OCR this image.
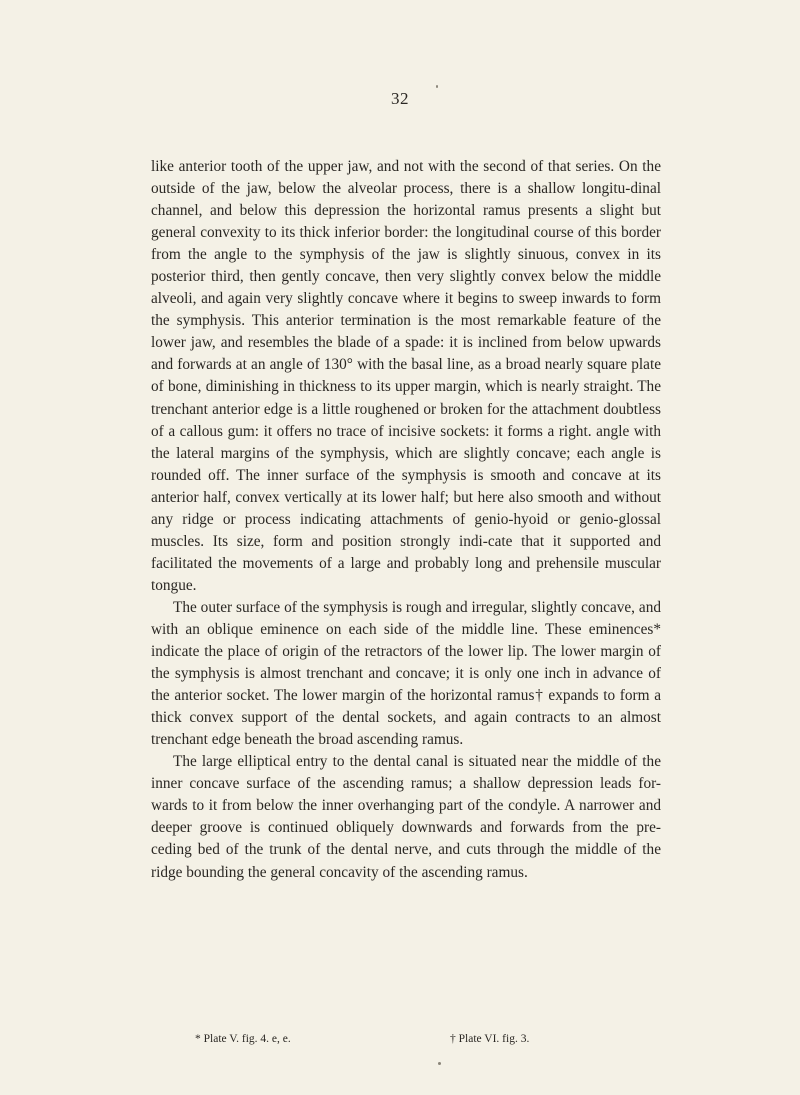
32

like anterior tooth of the upper jaw, and not with the second of that series. On the outside of the jaw, below the alveolar process, there is a shallow longitu-dinal channel, and below this depression the horizontal ramus presents a slight but general convexity to its thick inferior border: the longitudinal course of this border from the angle to the symphysis of the jaw is slightly sinuous, convex in its posterior third, then gently concave, then very slightly convex below the middle alveoli, and again very slightly concave where it begins to sweep inwards to form the symphysis. This anterior termination is the most remarkable feature of the lower jaw, and resembles the blade of a spade: it is inclined from below upwards and forwards at an angle of 130° with the basal line, as a broad nearly square plate of bone, diminishing in thickness to its upper margin, which is nearly straight. The trenchant anterior edge is a little roughened or broken for the attachment doubtless of a callous gum: it offers no trace of incisive sockets: it forms a right. angle with the lateral margins of the symphysis, which are slightly concave; each angle is rounded off. The inner surface of the symphysis is smooth and concave at its anterior half, convex vertically at its lower half; but here also smooth and without any ridge or process indicating attachments of genio-hyoid or genio-glossal muscles. Its size, form and position strongly indi-cate that it supported and facilitated the movements of a large and probably long and prehensile muscular tongue.

The outer surface of the symphysis is rough and irregular, slightly concave, and with an oblique eminence on each side of the middle line. These eminences* indicate the place of origin of the retractors of the lower lip. The lower margin of the symphysis is almost trenchant and concave; it is only one inch in advance of the anterior socket. The lower margin of the horizontal ramus† expands to form a thick convex support of the dental sockets, and again contracts to an almost trenchant edge beneath the broad ascending ramus.

The large elliptical entry to the dental canal is situated near the middle of the inner concave surface of the ascending ramus; a shallow depression leads for-wards to it from below the inner overhanging part of the condyle. A narrower and deeper groove is continued obliquely downwards and forwards from the pre-ceding bed of the trunk of the dental nerve, and cuts through the middle of the ridge bounding the general concavity of the ascending ramus.

* Plate V. fig. 4. e, e.	† Plate VI. fig. 3.
